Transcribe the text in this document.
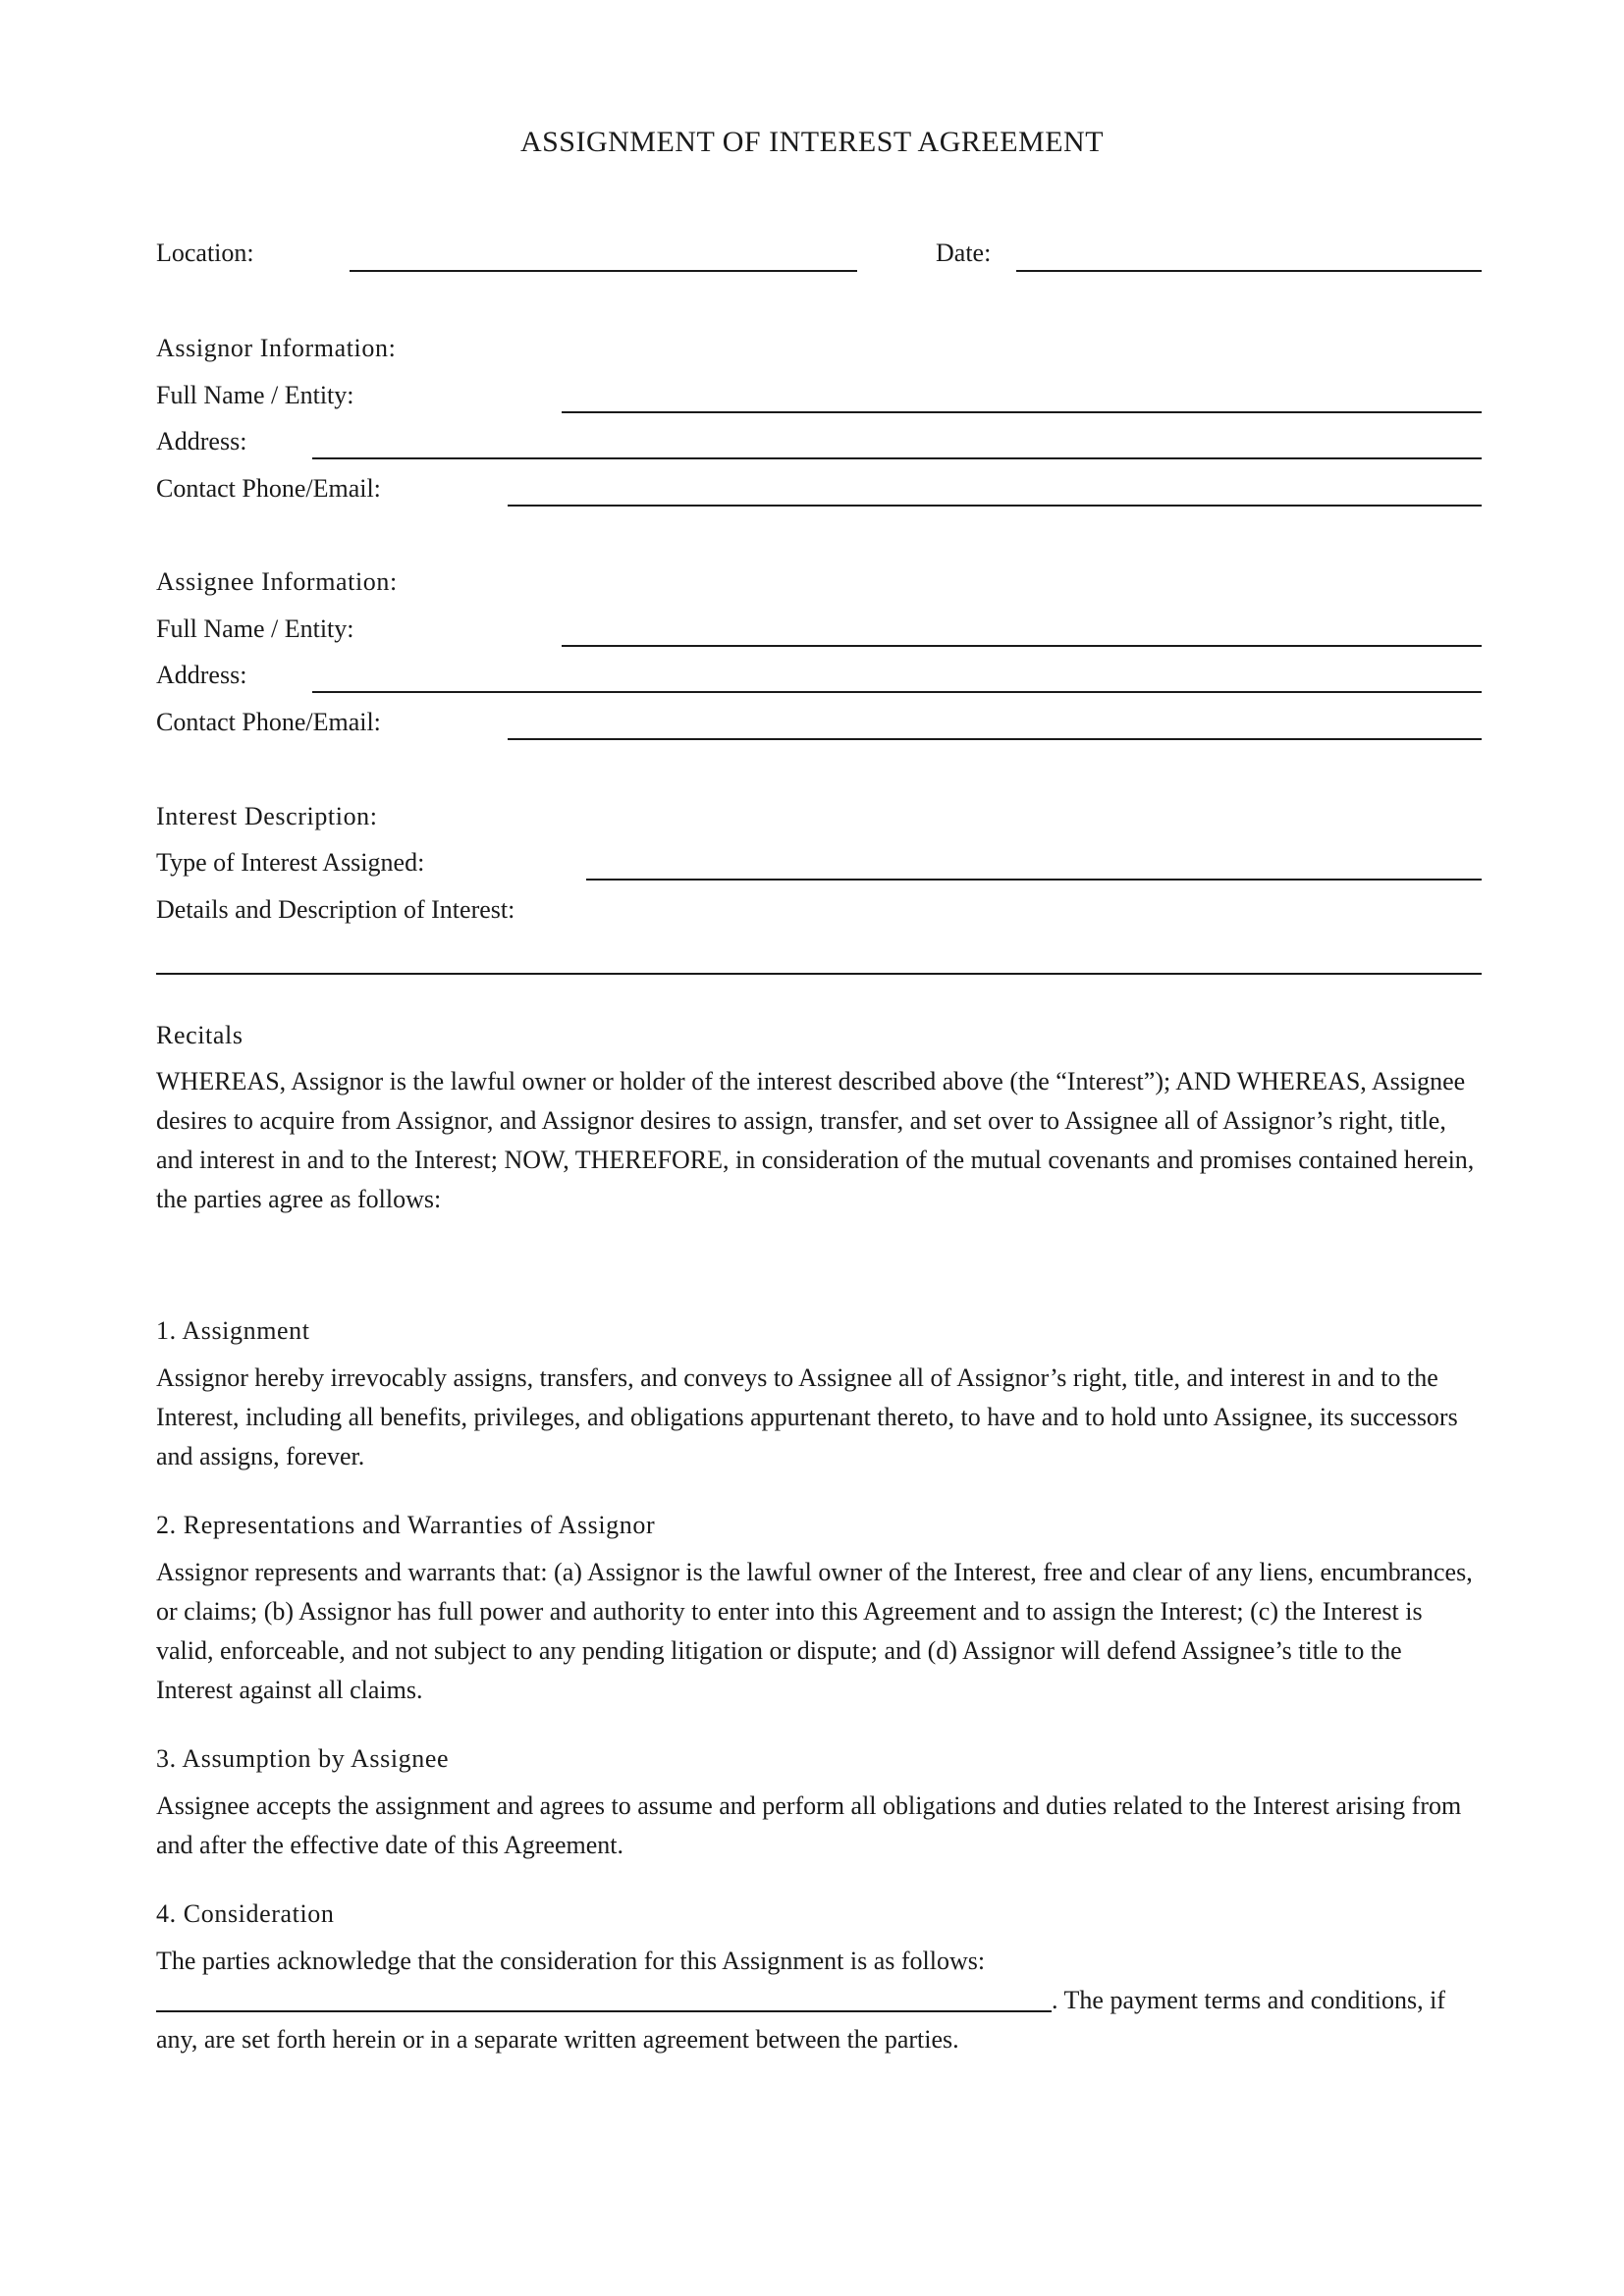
ASSIGNMENT OF INTEREST AGREEMENT
Location:	Date:
Assignor Information:
Full Name / Entity:
Address:
Contact Phone/Email:
Assignee Information:
Full Name / Entity:
Address:
Contact Phone/Email:
Interest Description:
Type of Interest Assigned:
Details and Description of Interest:
Recitals
WHEREAS, Assignor is the lawful owner or holder of the interest described above (the “Interest”); AND WHEREAS, Assignee desires to acquire from Assignor, and Assignor desires to assign, transfer, and set over to Assignee all of Assignor’s right, title, and interest in and to the Interest; NOW, THEREFORE, in consideration of the mutual covenants and promises contained herein, the parties agree as follows:
1. Assignment
Assignor hereby irrevocably assigns, transfers, and conveys to Assignee all of Assignor’s right, title, and interest in and to the Interest, including all benefits, privileges, and obligations appurtenant thereto, to have and to hold unto Assignee, its successors and assigns, forever.
2. Representations and Warranties of Assignor
Assignor represents and warrants that: (a) Assignor is the lawful owner of the Interest, free and clear of any liens, encumbrances, or claims; (b) Assignor has full power and authority to enter into this Agreement and to assign the Interest; (c) the Interest is valid, enforceable, and not subject to any pending litigation or dispute; and (d) Assignor will defend Assignee’s title to the Interest against all claims.
3. Assumption by Assignee
Assignee accepts the assignment and agrees to assume and perform all obligations and duties related to the Interest arising from and after the effective date of this Agreement.
4. Consideration
The parties acknowledge that the consideration for this Assignment is as follows:
. The payment terms and conditions, if any, are set forth herein or in a separate written agreement between the parties.
